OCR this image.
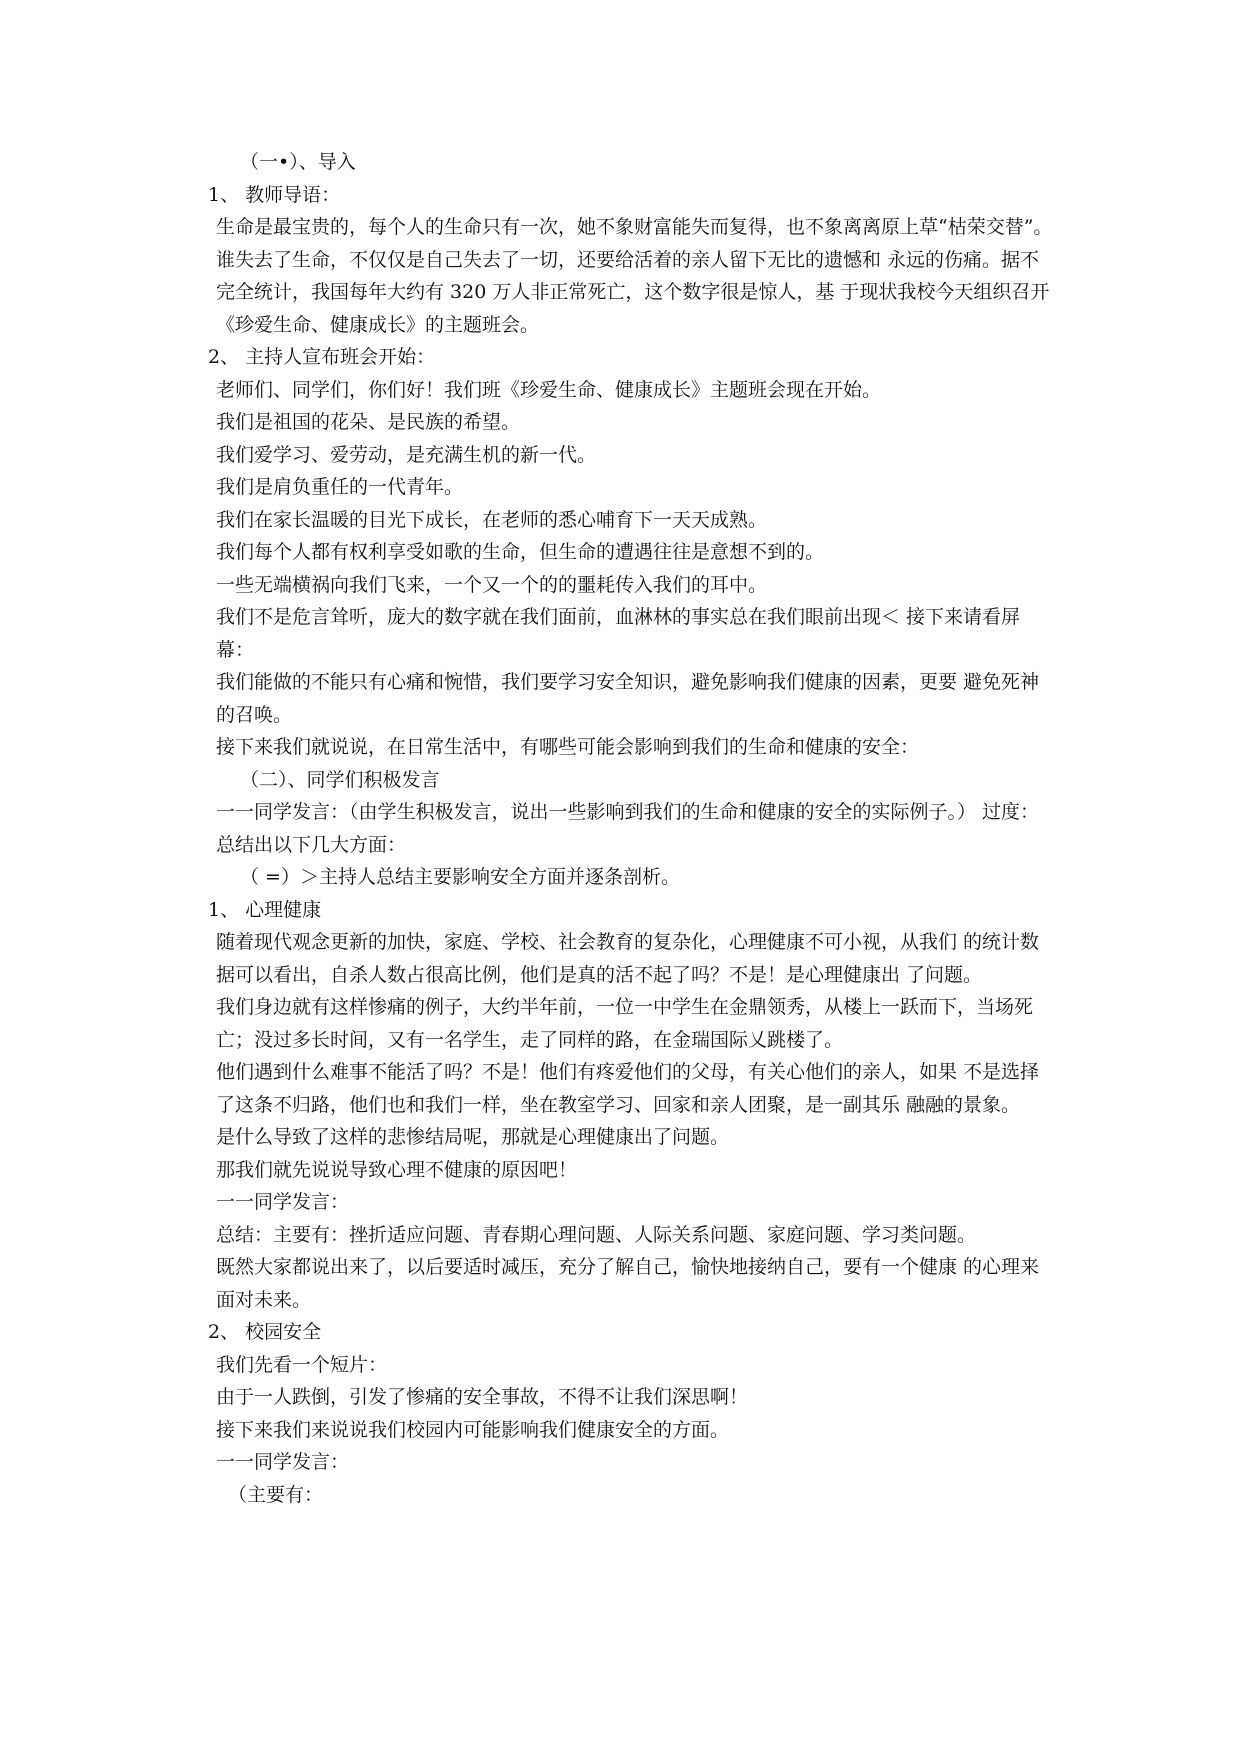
（一•）、导入

1、 教师导语：

生命是最宝贵的，每个人的生命只有一次，她不象财富能失而复得，也不象离离原上草“枯荣交替”。谁失去了生命，不仅仅是自己失去了一切，还要给活着的亲人留下无比的遗憾和 永远的伤痛。据不完全统计，我国每年大约有 320 万人非正常死亡，这个数字很是惊人，基 于现状我校今天组织召开《珍爱生命、健康成长》的主题班会。

2、 主持人宣布班会开始：

老师们、同学们，你们好！我们班《珍爱生命、健康成长》主题班会现在开始。

我们是祖国的花朵、是民族的希望。

我们爱学习、爱劳动，是充满生机的新一代。

我们是肩负重任的一代青年。

我们在家长温暖的目光下成长，在老师的悉心哺育下一天天成熟。

我们每个人都有权利享受如歌的生命，但生命的遭遇往往是意想不到的。

一些无端横祸向我们飞来，一个又一个的的噩耗传入我们的耳中。

我们不是危言耸听，庞大的数字就在我们面前，血淋林的事实总在我们眼前出现＜ 接下来请看屏幕：

我们能做的不能只有心痛和惋惜，我们要学习安全知识，避免影响我们健康的因素，更要 避免死神的召唤。

接下来我们就说说，在日常生活中，有哪些可能会影响到我们的生命和健康的安全：

（二）、同学们积极发言

一一同学发言：（由学生积极发言，说出一些影响到我们的生命和健康的安全的实际例子。） 过度：总结出以下几大方面：

（ =）＞主持人总结主要影响安全方面并逐条剖析。

1、 心理健康

随着现代观念更新的加快，家庭、学校、社会教育的复杂化，心理健康不可小视，从我们 的统计数据可以看出，自杀人数占很高比例，他们是真的活不起了吗？不是！是心理健康出 了问题。

我们身边就有这样惨痛的例子，大约半年前，一位一中学生在金鼎领秀，从楼上一跃而下，当场死亡；没过多长时间，又有一名学生，走了同样的路，在金瑞国际乂跳楼了。

他们遇到什么难事不能活了吗？不是！他们有疼爱他们的父母，有关心他们的亲人，如果 不是选择了这条不归路，他们也和我们一样，坐在教室学习、回家和亲人团聚，是一副其乐 融融的景象。

是什么导致了这样的悲惨结局呢，那就是心理健康出了问题。

那我们就先说说导致心理不健康的原因吧！

一一同学发言：

总结：主要有：挫折适应问题、青春期心理问题、人际关系问题、家庭问题、学习类问题。

既然大家都说出来了，以后要适时减压，充分了解自己，愉快地接纳自己，要有一个健康 的心理来面对未来。

2、 校园安全

我们先看一个短片：

由于一人跌倒，引发了惨痛的安全事故，不得不让我们深思啊！

接下来我们来说说我们校园内可能影响我们健康安全的方面。

一一同学发言：

（主要有：
